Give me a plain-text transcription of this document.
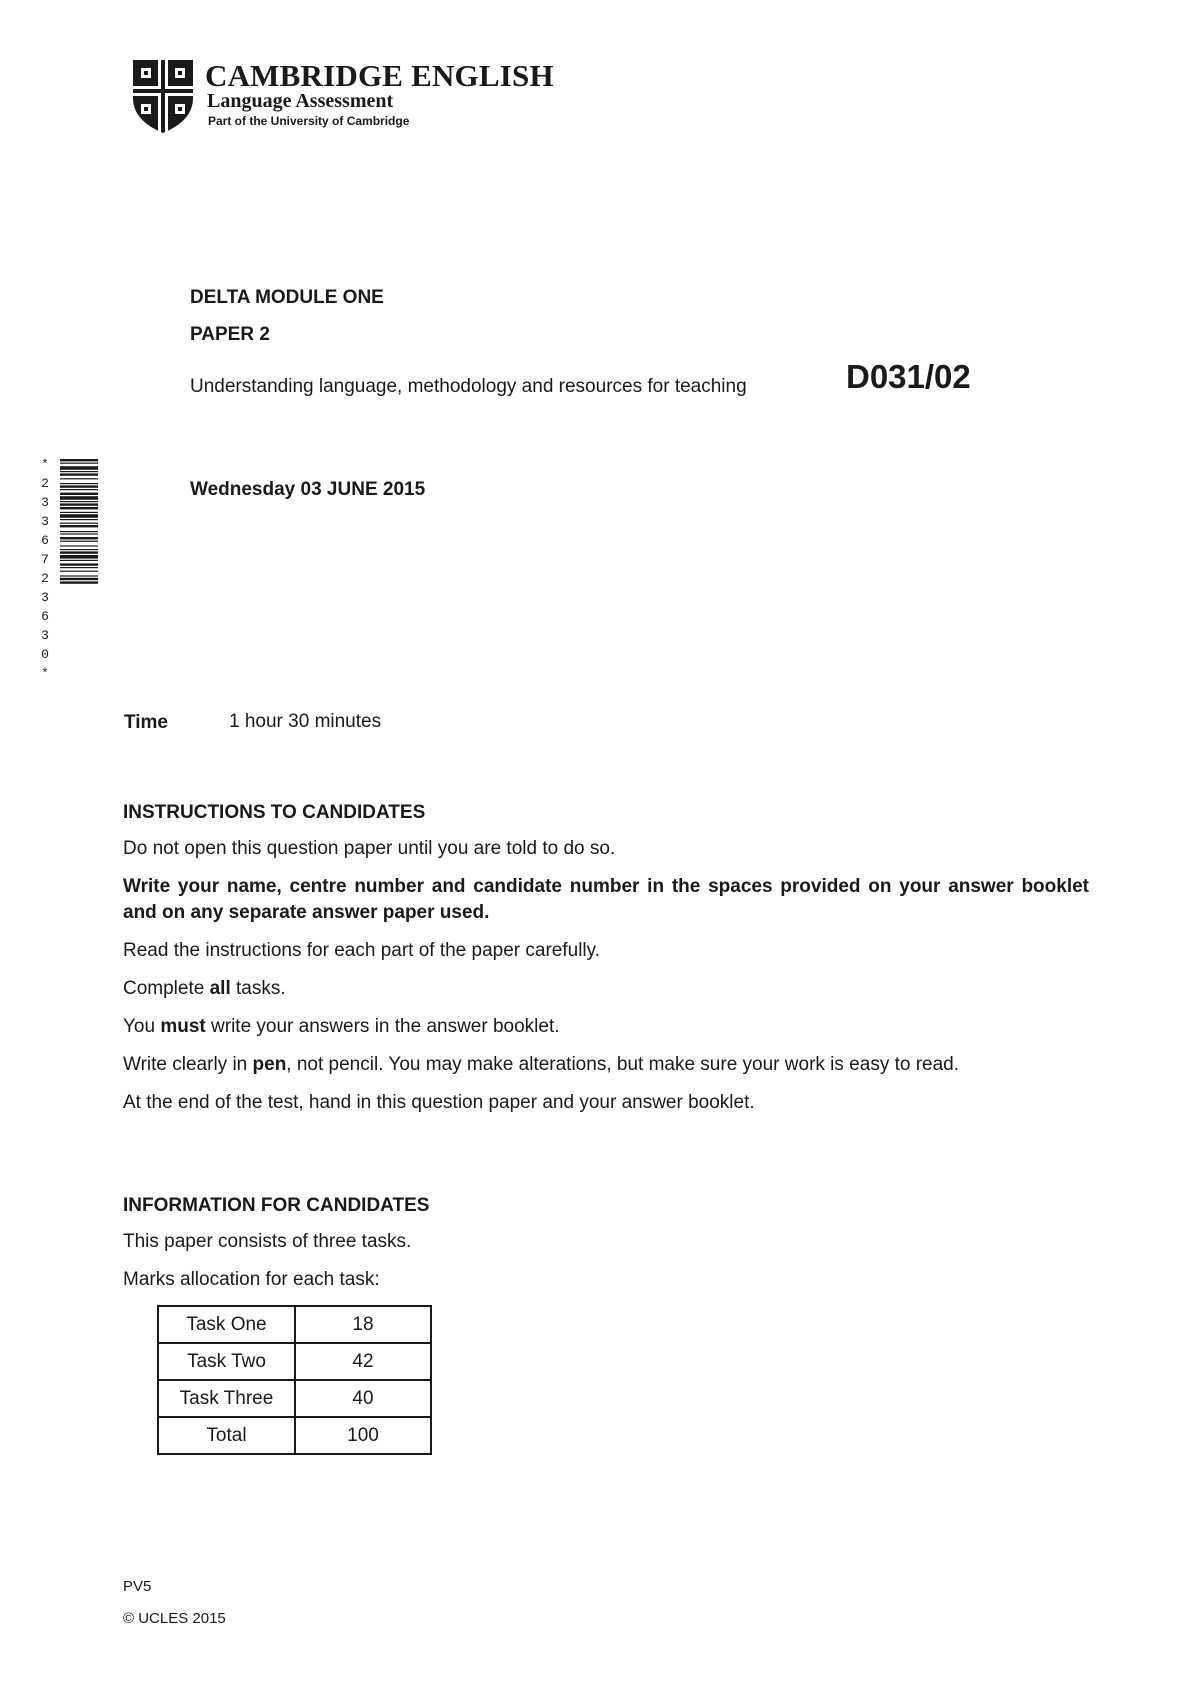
CAMBRIDGE ENGLISH
Language Assessment
Part of the University of Cambridge
*
2
3
3
6
7
2
3
6
3
0
*
DELTA MODULE ONE
PAPER 2
Understanding language, methodology and resources for teaching	D031/02
Wednesday 03 JUNE 2015
Time	1 hour 30 minutes
INSTRUCTIONS TO CANDIDATES

Do not open this question paper until you are told to do so.

Write your name, centre number and candidate number in the spaces provided on your answer booklet and on any separate answer paper used.

Read the instructions for each part of the paper carefully.

Complete all tasks.

You must write your answers in the answer booklet.

Write clearly in pen, not pencil. You may make alterations, but make sure your work is easy to read.

At the end of the test, hand in this question paper and your answer booklet.

INFORMATION FOR CANDIDATES

This paper consists of three tasks.

Marks allocation for each task:

Task One	18
Task Two	42
Task Three	40
Total	100
PV5
© UCLES 2015
